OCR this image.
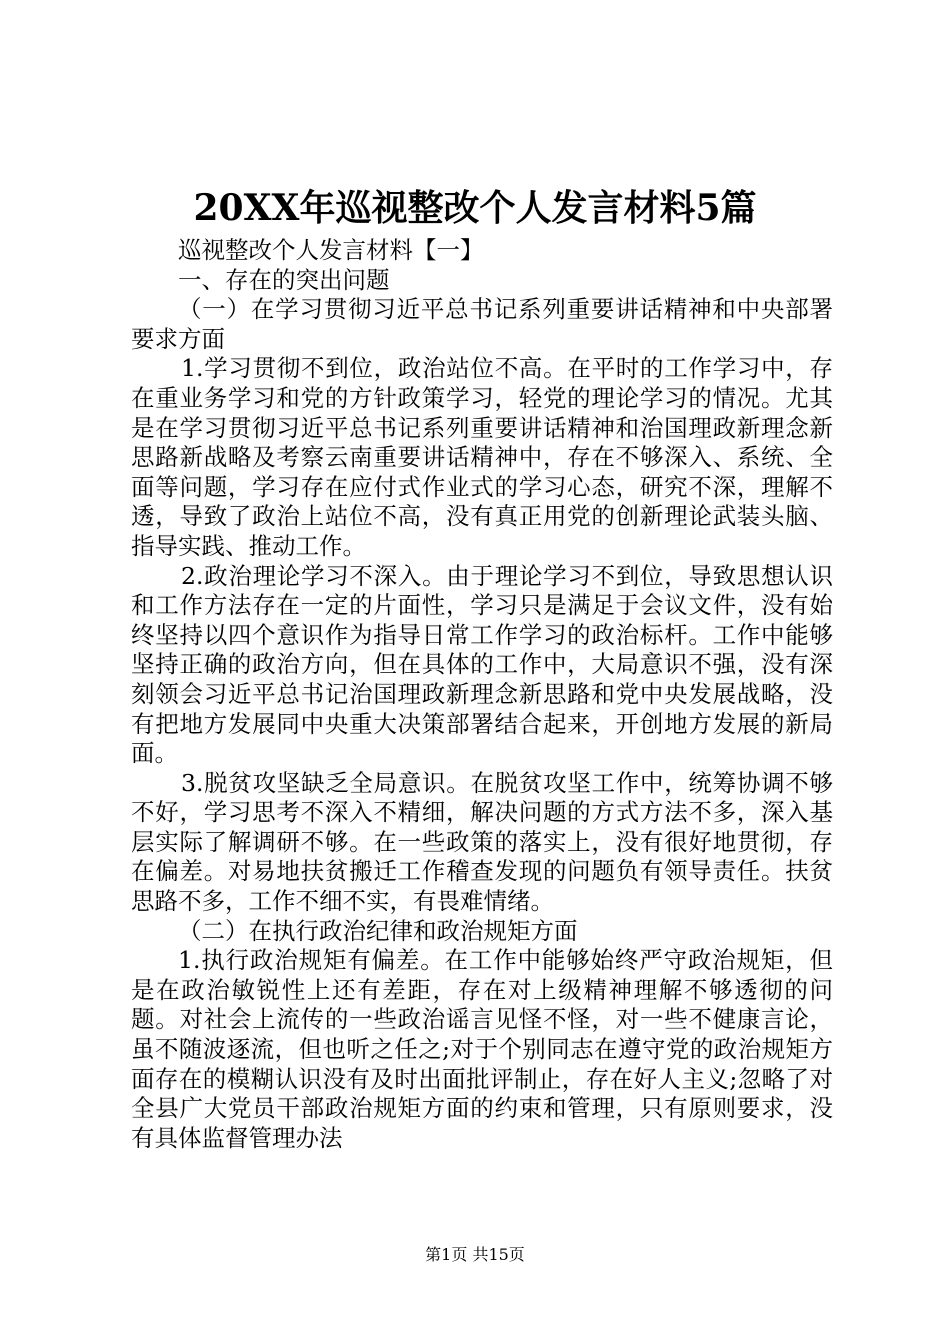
20XX年巡视整改个人发言材料5篇

巡视整改个人发言材料【一】

一、存在的突出问题

（一）在学习贯彻习近平总书记系列重要讲话精神和中央部署要求方面

1.学习贯彻不到位，政治站位不高。在平时的工作学习中，存在重业务学习和党的方针政策学习，轻党的理论学习的情况。尤其是在学习贯彻习近平总书记系列重要讲话精神和治国理政新理念新思路新战略及考察云南重要讲话精神中，存在不够深入、系统、全面等问题，学习存在应付式作业式的学习心态，研究不深，理解不透，导致了政治上站位不高，没有真正用党的创新理论武装头脑、指导实践、推动工作。

2.政治理论学习不深入。由于理论学习不到位，导致思想认识和工作方法存在一定的片面性，学习只是满足于会议文件，没有始终坚持以四个意识作为指导日常工作学习的政治标杆。工作中能够坚持正确的政治方向，但在具体的工作中，大局意识不强，没有深刻领会习近平总书记治国理政新理念新思路和党中央发展战略，没有把地方发展同中央重大决策部署结合起来，开创地方发展的新局面。

3.脱贫攻坚缺乏全局意识。在脱贫攻坚工作中，统筹协调不够不好，学习思考不深入不精细，解决问题的方式方法不多，深入基层实际了解调研不够。在一些政策的落实上，没有很好地贯彻，存在偏差。对易地扶贫搬迁工作稽查发现的问题负有领导责任。扶贫思路不多，工作不细不实，有畏难情绪。

（二）在执行政治纪律和政治规矩方面

1.执行政治规矩有偏差。在工作中能够始终严守政治规矩，但是在政治敏锐性上还有差距，存在对上级精神理解不够透彻的问题。对社会上流传的一些政治谣言见怪不怪，对一些不健康言论，虽不随波逐流，但也听之任之;对于个别同志在遵守党的政治规矩方面存在的模糊认识没有及时出面批评制止，存在好人主义;忽略了对全县广大党员干部政治规矩方面的约束和管理，只有原则要求，没有具体监督管理办法

第1页 共15页
